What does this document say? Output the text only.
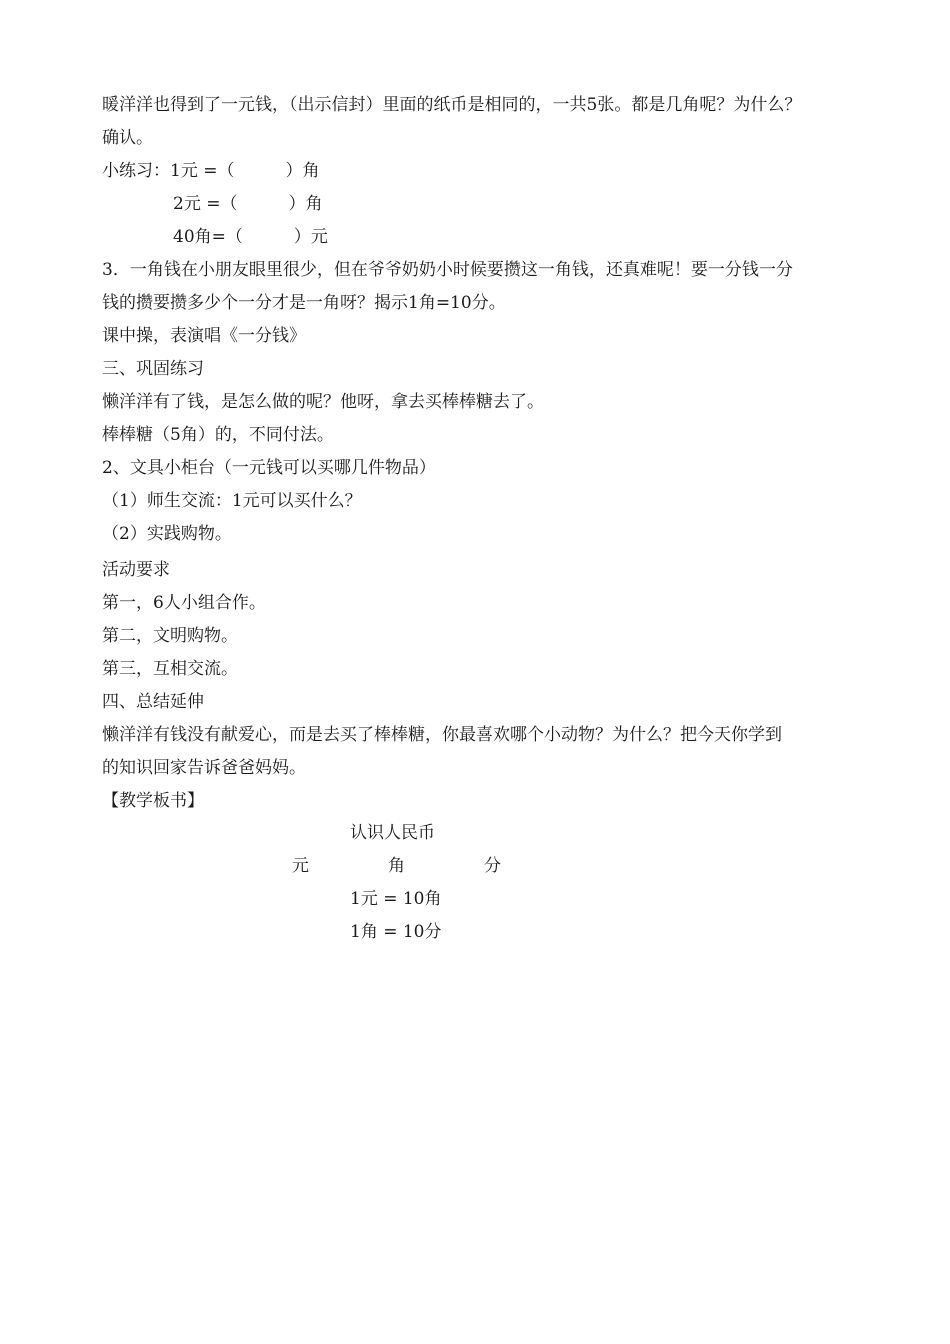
暖洋洋也得到了一元钱，（出示信封）里面的纸币是相同的，一共5张。都是几角呢？为什么？
确认。
小练习：1元 =（　　　）角
2元 =（　　　）角
40角=（　　　）元
3．一角钱在小朋友眼里很少，但在爷爷奶奶小时候要攒这一角钱，还真难呢！要一分钱一分
钱的攒要攒多少个一分才是一角呀？揭示1角=10分。
课中操，表演唱《一分钱》
三、巩固练习
懒洋洋有了钱，是怎么做的呢？他呀，拿去买棒棒糖去了。
棒棒糖（5角）的，不同付法。
2、文具小柜台（一元钱可以买哪几件物品）
（1）师生交流：1元可以买什么？
（2）实践购物。
活动要求
第一，6人小组合作。
第二，文明购物。
第三，互相交流。
四、总结延伸
懒洋洋有钱没有献爱心，而是去买了棒棒糖，你最喜欢哪个小动物？为什么？把今天你学到
的知识回家告诉爸爸妈妈。
【教学板书】
认识人民币
元	角	分
1元 = 10角
1角 = 10分
